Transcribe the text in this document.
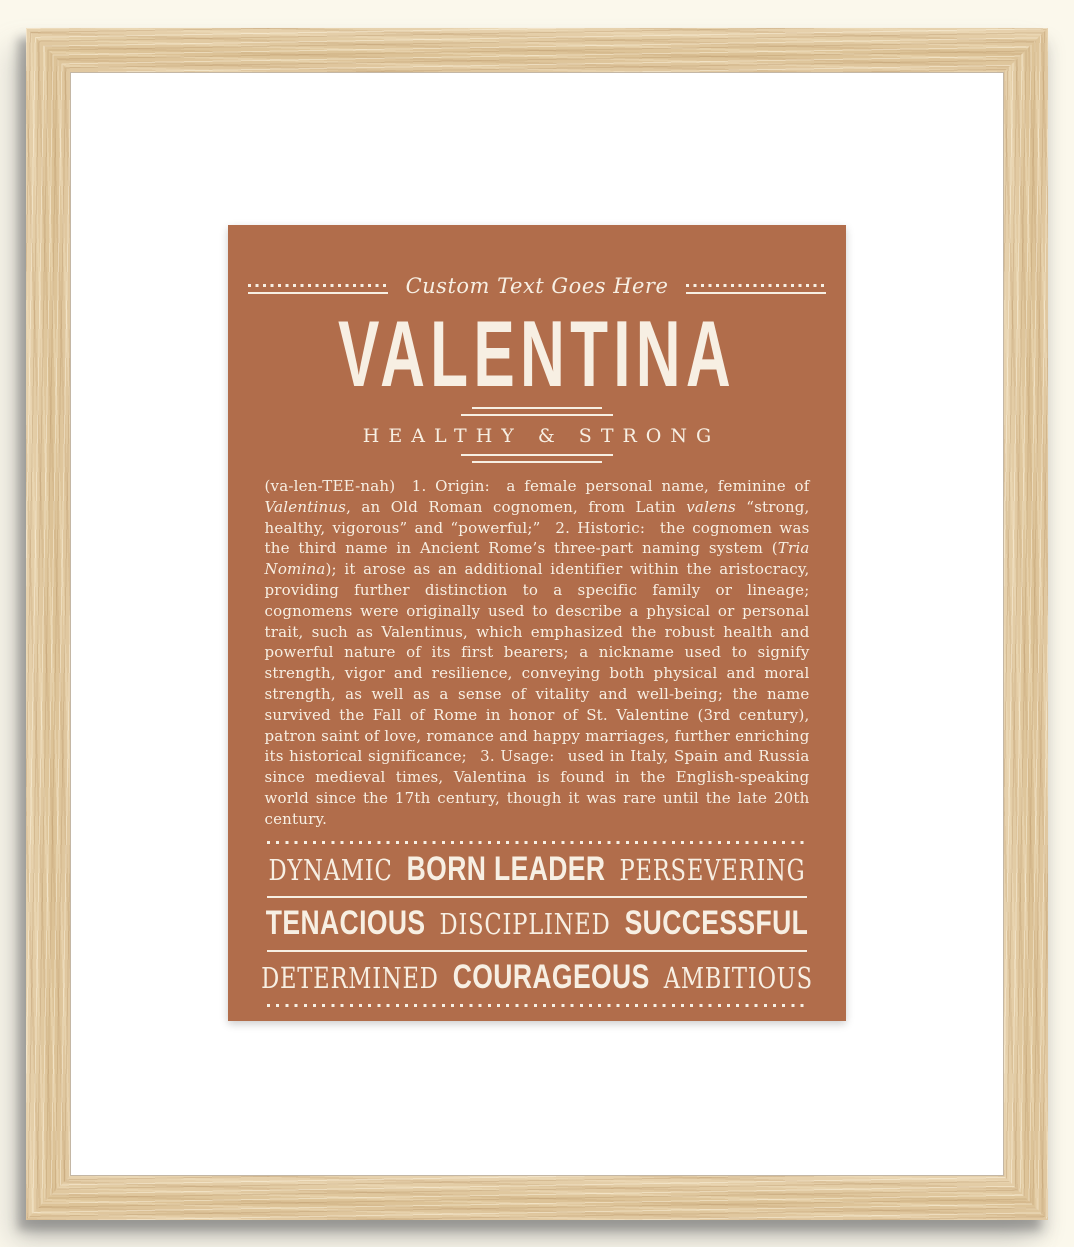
Custom Text Goes Here
VALENTINA
HEALTHY & STRONG

(va-len-TEE-nah)  1. Origin:  a female personal name, feminine of Valentinus, an Old Roman cognomen, from Latin valens “strong, healthy, vigorous” and “powerful;”  2. Historic:  the cognomen was the third name in Ancient Rome’s three-part naming system (Tria Nomina); it arose as an additional identifier within the aristocracy, providing further distinction to a specific family or lineage; cognomens were originally used to describe a physical or personal trait, such as Valentinus, which emphasized the robust health and powerful nature of its first bearers; a nickname used to signify strength, vigor and resilience, conveying both physical and moral strength, as well as a sense of vitality and well-being; the name survived the Fall of Rome in honor of St. Valentine (3rd century), patron saint of love, romance and happy marriages, further enriching its historical significance;  3. Usage:  used in Italy, Spain and Russia since medieval times, Valentina is found in the English-speaking world since the 17th century, though it was rare until the late 20th century.

DYNAMIC BORN LEADER PERSEVERING
TENACIOUS DISCIPLINED SUCCESSFUL
DETERMINED COURAGEOUS AMBITIOUS
